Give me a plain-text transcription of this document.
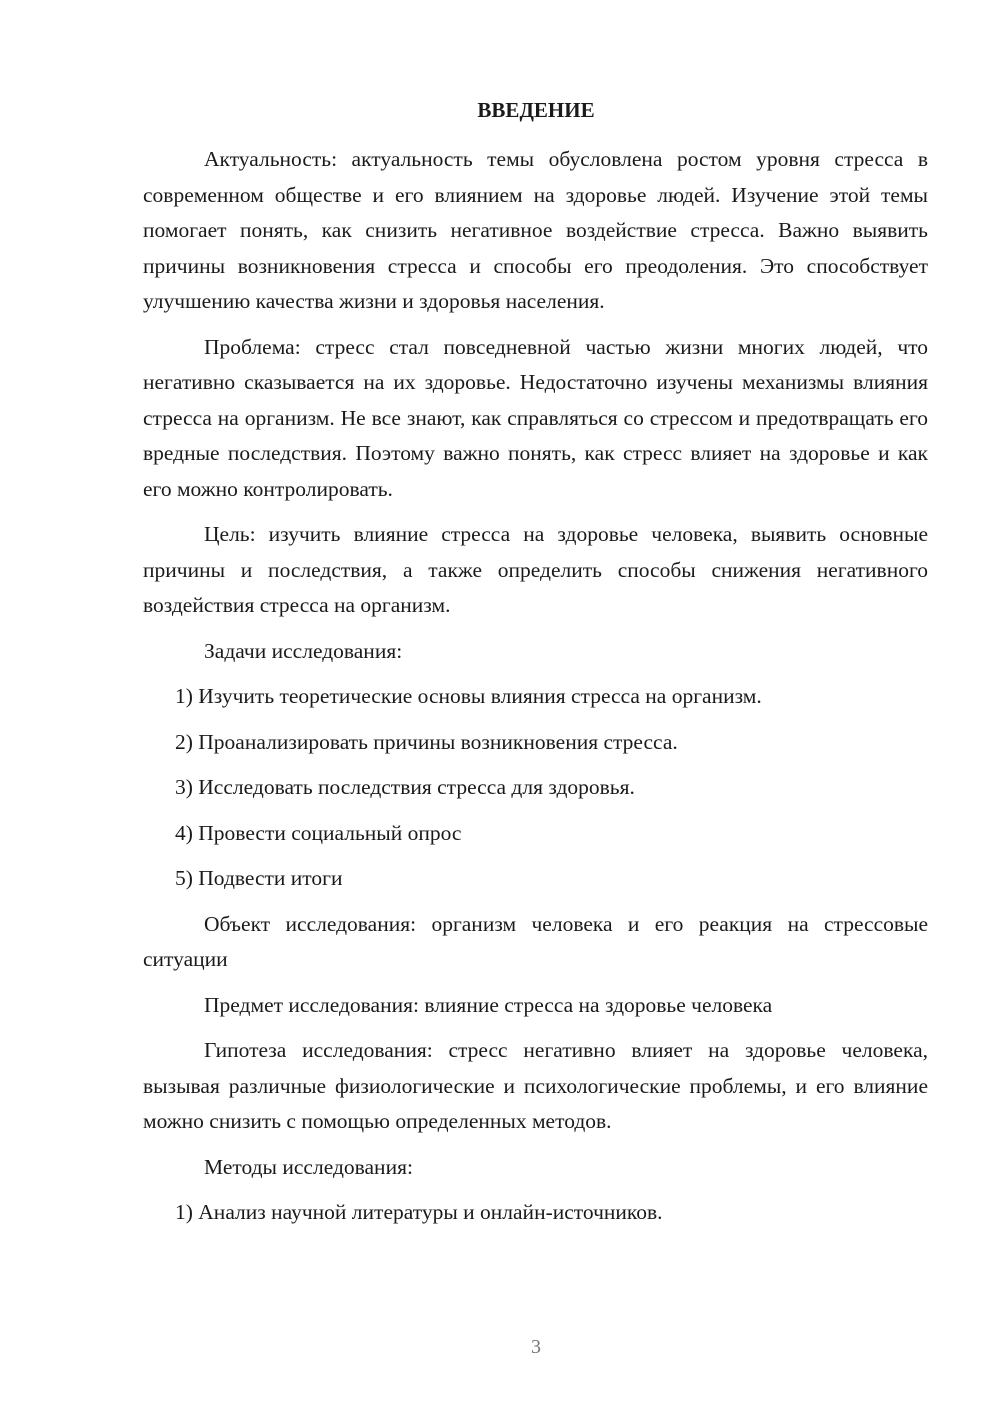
ВВЕДЕНИЕ

Актуальность: актуальность темы обусловлена ростом уровня стресса в современном обществе и его влиянием на здоровье людей. Изучение этой темы помогает понять, как снизить негативное воздействие стресса. Важно выявить причины возникновения стресса и способы его преодоления. Это способствует улучшению качества жизни и здоровья населения.

Проблема: стресс стал повседневной частью жизни многих людей, что негативно сказывается на их здоровье. Недостаточно изучены механизмы влияния стресса на организм. Не все знают, как справляться со стрессом и предотвращать его вредные последствия. Поэтому важно понять, как стресс влияет на здоровье и как его можно контролировать.

Цель: изучить влияние стресса на здоровье человека, выявить основные причины и последствия, а также определить способы снижения негативного воздействия стресса на организм.

Задачи исследования:

1) Изучить теоретические основы влияния стресса на организм.
2) Проанализировать причины возникновения стресса.
3) Исследовать последствия стресса для здоровья.
4) Провести социальный опрос
5) Подвести итоги

Объект исследования: организм человека и его реакция на стрессовые ситуации

Предмет исследования: влияние стресса на здоровье человека

Гипотеза исследования: стресс негативно влияет на здоровье человека, вызывая различные физиологические и психологические проблемы, и его влияние можно снизить с помощью определенных методов.

Методы исследования:

1) Анализ научной литературы и онлайн-источников.
3
